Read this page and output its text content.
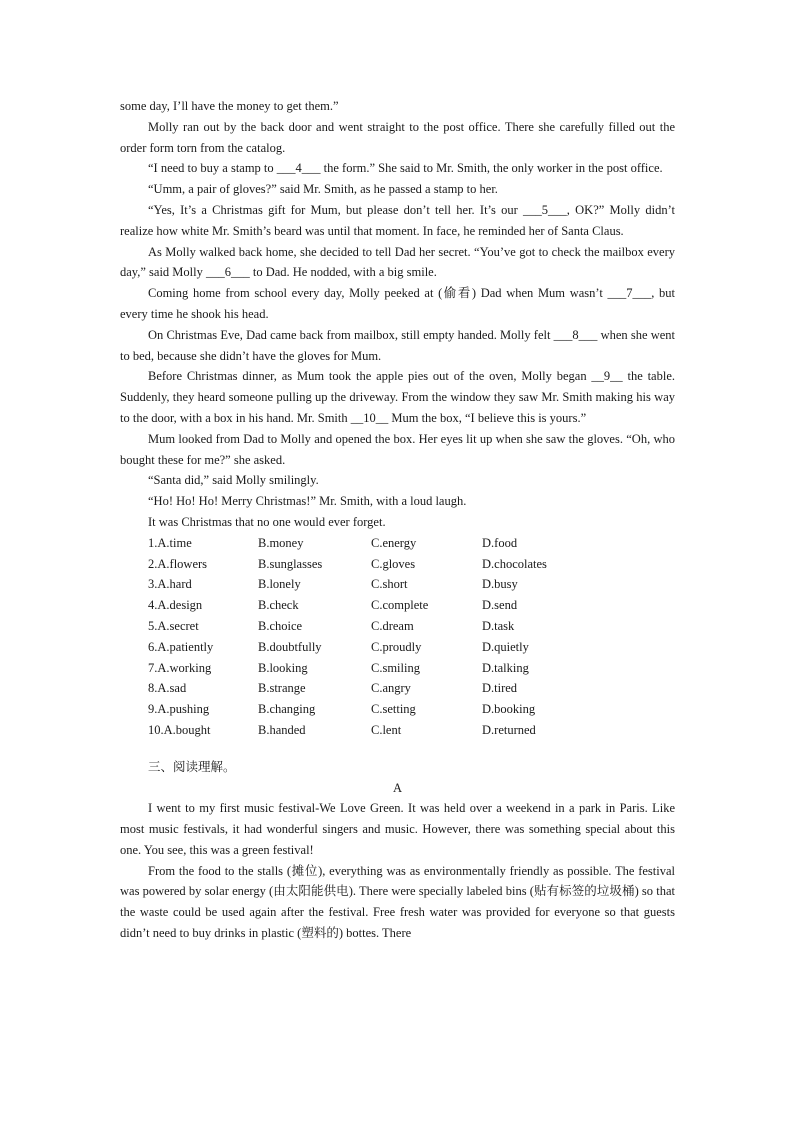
some day, I’ll have the money to get them.”

Molly ran out by the back door and went straight to the post office. There she carefully filled out the order form torn from the catalog.

“I need to buy a stamp to ___4___ the form.” She said to Mr. Smith, the only worker in the post office.

“Umm, a pair of gloves?” said Mr. Smith, as he passed a stamp to her.

“Yes, It’s a Christmas gift for Mum, but please don’t tell her. It’s our ___5___, OK?” Molly didn’t realize how white Mr. Smith’s beard was until that moment. In face, he reminded her of Santa Claus.

As Molly walked back home, she decided to tell Dad her secret. “You’ve got to check the mailbox every day,” said Molly ___6___ to Dad. He nodded, with a big smile.

Coming home from school every day, Molly peeked at (偷看) Dad when Mum wasn’t ___7___, but every time he shook his head.

On Christmas Eve, Dad came back from mailbox, still empty handed. Molly felt ___8___ when she went to bed, because she didn’t have the gloves for Mum.

Before Christmas dinner, as Mum took the apple pies out of the oven, Molly began __9__ the table. Suddenly, they heard someone pulling up the driveway. From the window they saw Mr. Smith making his way to the door, with a box in his hand. Mr. Smith __10__ Mum the box, “I believe this is yours.”

Mum looked from Dad to Molly and opened the box. Her eyes lit up when she saw the gloves. “Oh, who bought these for me?” she asked.

“Santa did,” said Molly smilingly.

“Ho! Ho! Ho! Merry Christmas!” Mr. Smith, with a loud laugh.

It was Christmas that no one would ever forget.

1.A.time	B.money	C.energy	D.food
2.A.flowers	B.sunglasses	C.gloves	D.chocolates
3.A.hard	B.lonely	C.short	D.busy
4.A.design	B.check	C.complete	D.send
5.A.secret	B.choice	C.dream	D.task
6.A.patiently	B.doubtfully	C.proudly	D.quietly
7.A.working	B.looking	C.smiling	D.talking
8.A.sad	B.strange	C.angry	D.tired
9.A.pushing	B.changing	C.setting	D.booking
10.A.bought	B.handed	C.lent	D.returned

三、阅读理解。

A

I went to my first music festival-We Love Green. It was held over a weekend in a park in Paris. Like most music festivals, it had wonderful singers and music. However, there was something special about this one. You see, this was a green festival!

From the food to the stalls (摊位), everything was as environmentally friendly as possible. The festival was powered by solar energy (由太阳能供电). There were specially labeled bins (贴有标签的垃圾桶) so that the waste could be used again after the festival. Free fresh water was provided for everyone so that guests didn’t need to buy drinks in plastic (塑料的) bottes. There
